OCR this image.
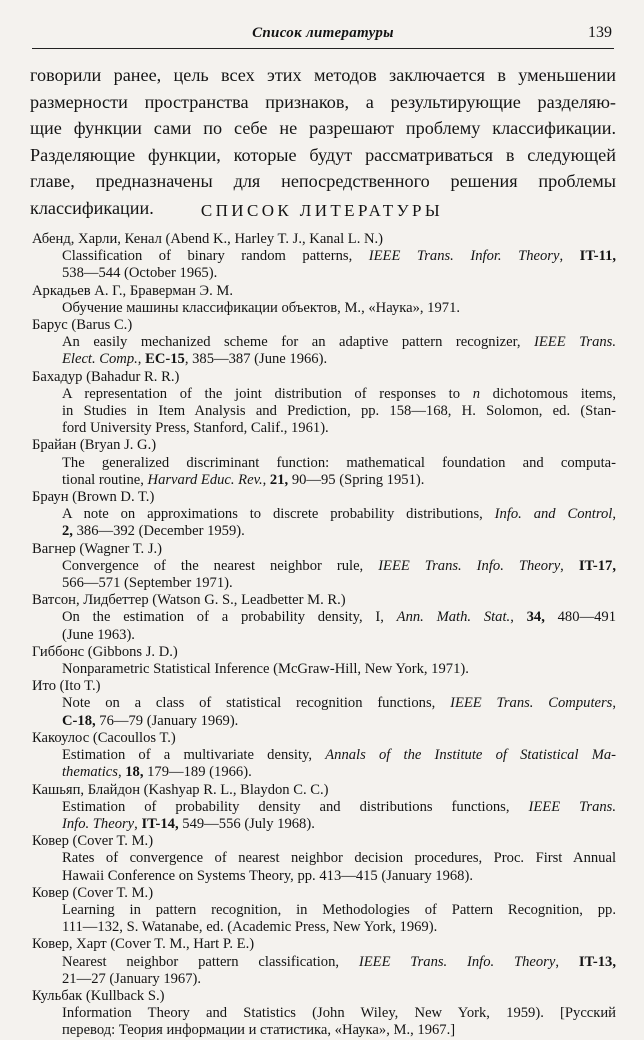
Список литературы	139
говорили ранее, цель всех этих методов заключается в уменьшении
размерности пространства признаков, а результирующие разделяю-
щие функции сами по себе не разрешают проблему классификации.
Разделяющие функции, которые будут рассматриваться в следующей
главе, предназначены для непосредственного решения проблемы
классификации.	СПИСОК ЛИТЕРАТУРЫ
Абенд, Харли, Кенал (Abend K., Harley T. J., Kanal L. N.)
Classification of binary random patterns, IEEE Trans. Infor. Theory, IT-11,
538—544 (October 1965).
Аркадьев А. Г., Браверман Э. М.
Обучение машины классификации объектов, М., «Наука», 1971.
Барус (Barus C.)
An easily mechanized scheme for an adaptive pattern recognizer, IEEE Trans.
Elect. Comp., EC-15, 385—387 (June 1966).
Бахадур (Bahadur R. R.)
A representation of the joint distribution of responses to n dichotomous items,
in Studies in Item Analysis and Prediction, pp. 158—168, H. Solomon, ed. (Stan-
ford University Press, Stanford, Calif., 1961).
Брайан (Bryan J. G.)
The generalized discriminant function: mathematical foundation and computa-
tional routine, Harvard Educ. Rev., 21, 90—95 (Spring 1951).
Браун (Brown D. T.)
A note on approximations to discrete probability distributions, Info. and Control,
2, 386—392 (December 1959).
Вагнер (Wagner T. J.)
Convergence of the nearest neighbor rule, IEEE Trans. Info. Theory, IT-17,
566—571 (September 1971).
Ватсон, Лидбеттер (Watson G. S., Leadbetter M. R.)
On the estimation of a probability density, I, Ann. Math. Stat., 34, 480—491
(June 1963).
Гиббонс (Gibbons J. D.)
Nonparametric Statistical Inference (McGraw-Hill, New York, 1971).
Ито (Ito T.)
Note on a class of statistical recognition functions, IEEE Trans. Computers,
C-18, 76—79 (January 1969).
Какоулос (Cacoullos T.)
Estimation of a multivariate density, Annals of the Institute of Statistical Ma-
thematics, 18, 179—189 (1966).
Кашьяп, Блайдон (Kashyap R. L., Blaydon C. C.)
Estimation of probability density and distributions functions, IEEE Trans.
Info. Theory, IT-14, 549—556 (July 1968).
Ковер (Cover T. M.)
Rates of convergence of nearest neighbor decision procedures, Proc. First Annual
Hawaii Conference on Systems Theory, pp. 413—415 (January 1968).
Ковер (Cover T. M.)
Learning in pattern recognition, in Methodologies of Pattern Recognition, pp.
111—132, S. Watanabe, ed. (Academic Press, New York, 1969).
Ковер, Харт (Cover T. M., Hart P. E.)
Nearest neighbor pattern classification, IEEE Trans. Info. Theory, IT-13,
21—27 (January 1967).
Кульбак (Kullback S.)
Information Theory and Statistics (John Wiley, New York, 1959). [Русский
перевод: Теория информации и статистика, «Наука», М., 1967.]
